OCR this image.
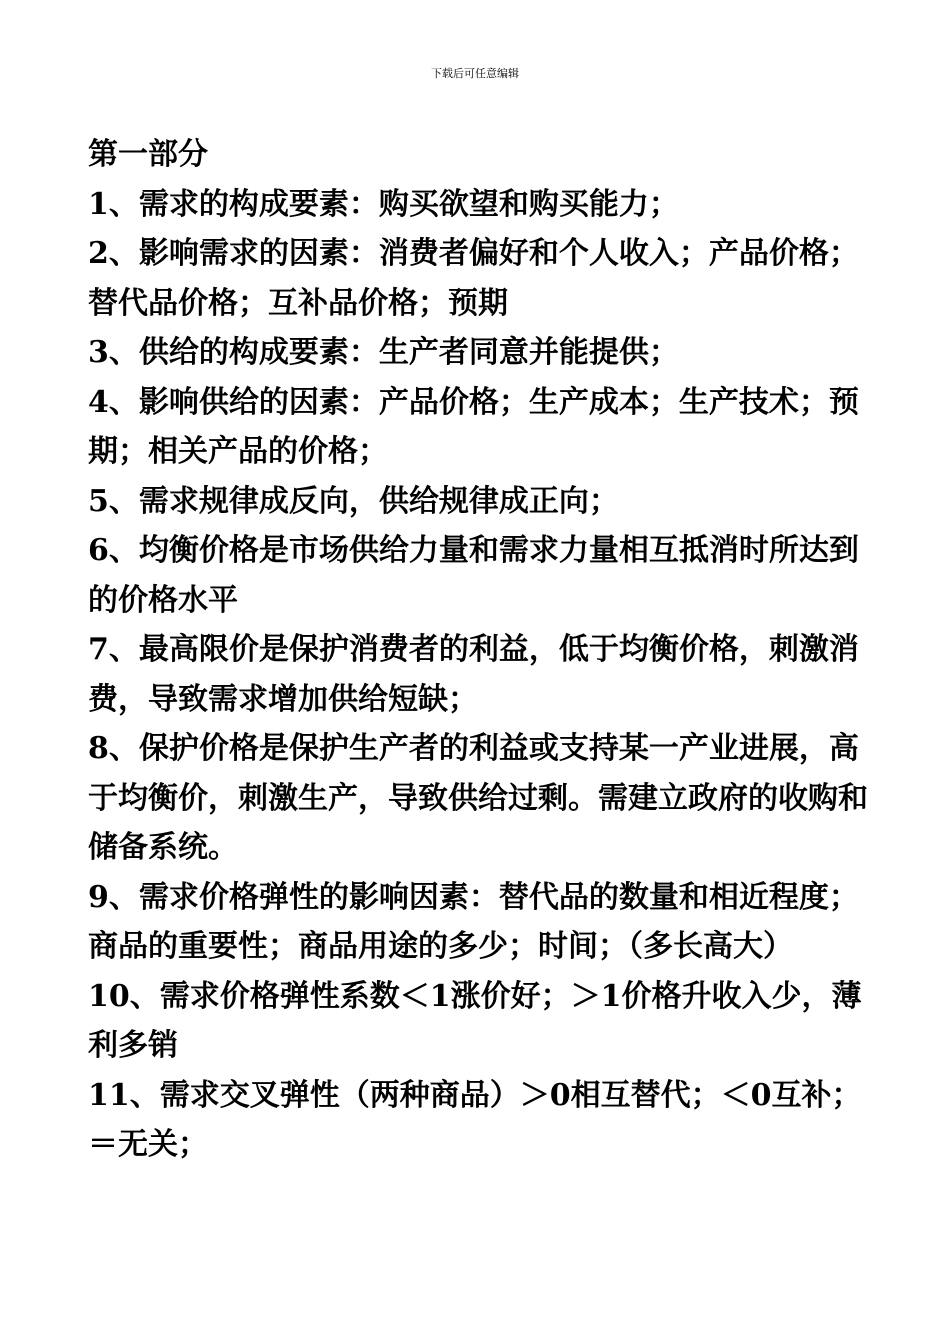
下载后可任意编辑

第一部分

1、需求的构成要素：购买欲望和购买能力；

2、影响需求的因素：消费者偏好和个人收入；产品价格；替代品价格；互补品价格；预期

3、供给的构成要素：生产者同意并能提供；

4、影响供给的因素：产品价格；生产成本；生产技术；预期；相关产品的价格；

5、需求规律成反向，供给规律成正向；

6、均衡价格是市场供给力量和需求力量相互抵消时所达到的价格水平

7、最高限价是保护消费者的利益，低于均衡价格，刺激消费，导致需求增加供给短缺；

8、保护价格是保护生产者的利益或支持某一产业进展，高于均衡价，刺激生产，导致供给过剩。需建立政府的收购和储备系统。

9、需求价格弹性的影响因素：替代品的数量和相近程度；商品的重要性；商品用途的多少；时间；（多长高大）

10、需求价格弹性系数＜1涨价好；＞1价格升收入少，薄利多销

11、需求交叉弹性（两种商品）＞0相互替代；＜0互补；＝无关；
